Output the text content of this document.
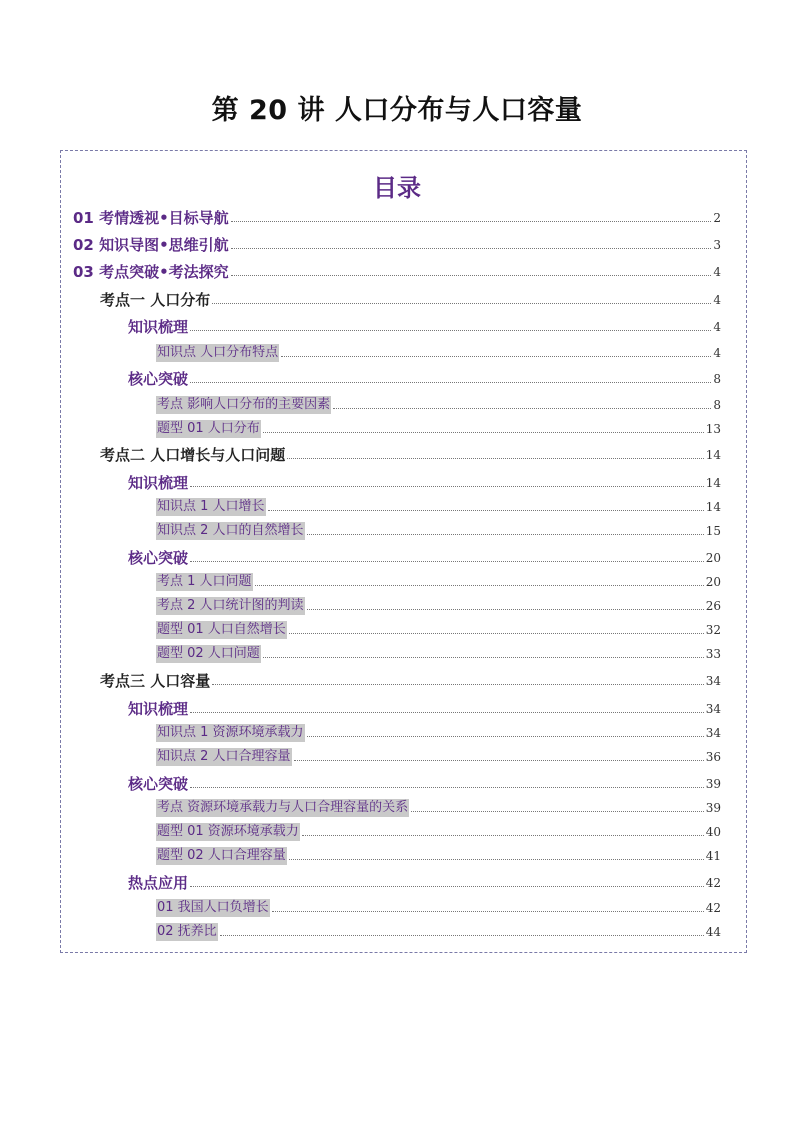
第 20 讲 人口分布与人口容量
目录
01 考情透视•目标导航	2
02 知识导图•思维引航	3
03 考点突破•考法探究	4
考点一 人口分布	4
知识梳理	4
知识点 人口分布特点	4
核心突破	8
考点 影响人口分布的主要因素	8
题型 01 人口分布	13
考点二 人口增长与人口问题	14
知识梳理	14
知识点 1 人口增长	14
知识点 2 人口的自然增长	15
核心突破	20
考点 1 人口问题	20
考点 2 人口统计图的判读	26
题型 01 人口自然增长	32
题型 02 人口问题	33
考点三 人口容量	34
知识梳理	34
知识点 1 资源环境承载力	34
知识点 2 人口合理容量	36
核心突破	39
考点 资源环境承载力与人口合理容量的关系	39
题型 01 资源环境承载力	40
题型 02 人口合理容量	41
热点应用	42
01 我国人口负增长	42
02 抚养比	44
